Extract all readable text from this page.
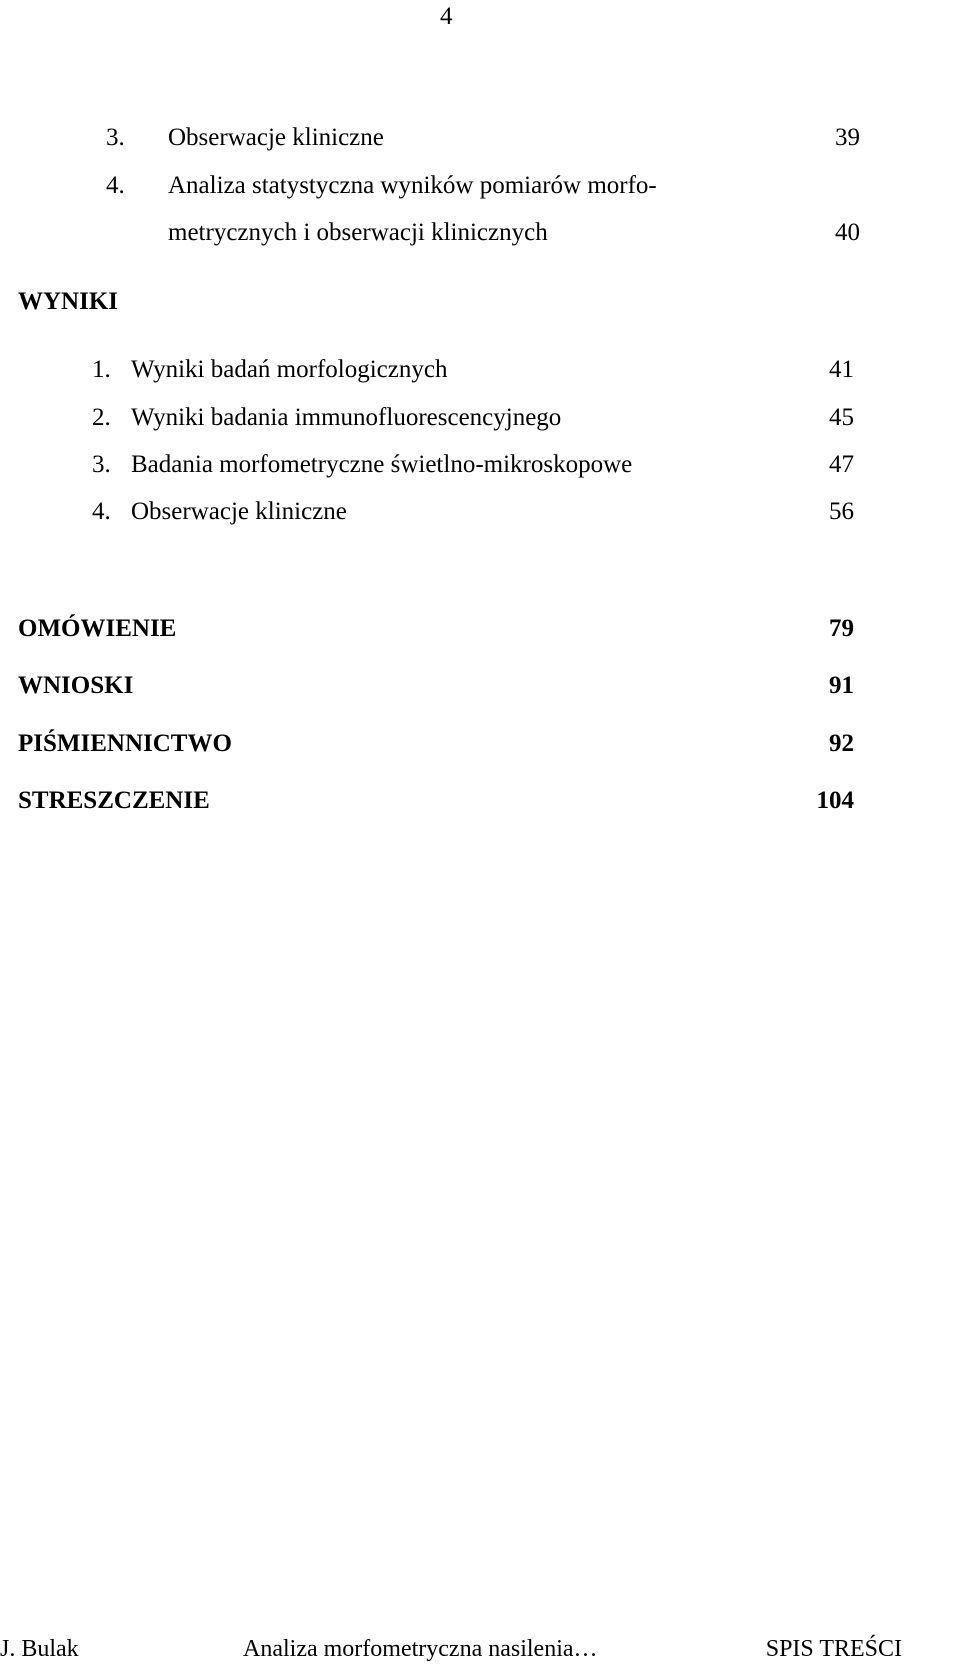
4
3. Obserwacje kliniczne	39
4. Analiza statystyczna wyników pomiarów morfo-
metrycznych i obserwacji klinicznych	40
WYNIKI
1. Wyniki badań morfologicznych	41
2. Wyniki badania immunofluorescencyjnego	45
3. Badania morfometryczne świetlno-mikroskopowe	47
4. Obserwacje kliniczne	56
OMÓWIENIE	79
WNIOSKI	91
PIŚMIENNICTWO	92
STRESZCZENIE	104
J. Bulak	Analiza morfometryczna nasilenia…	SPIS TREŚCI
